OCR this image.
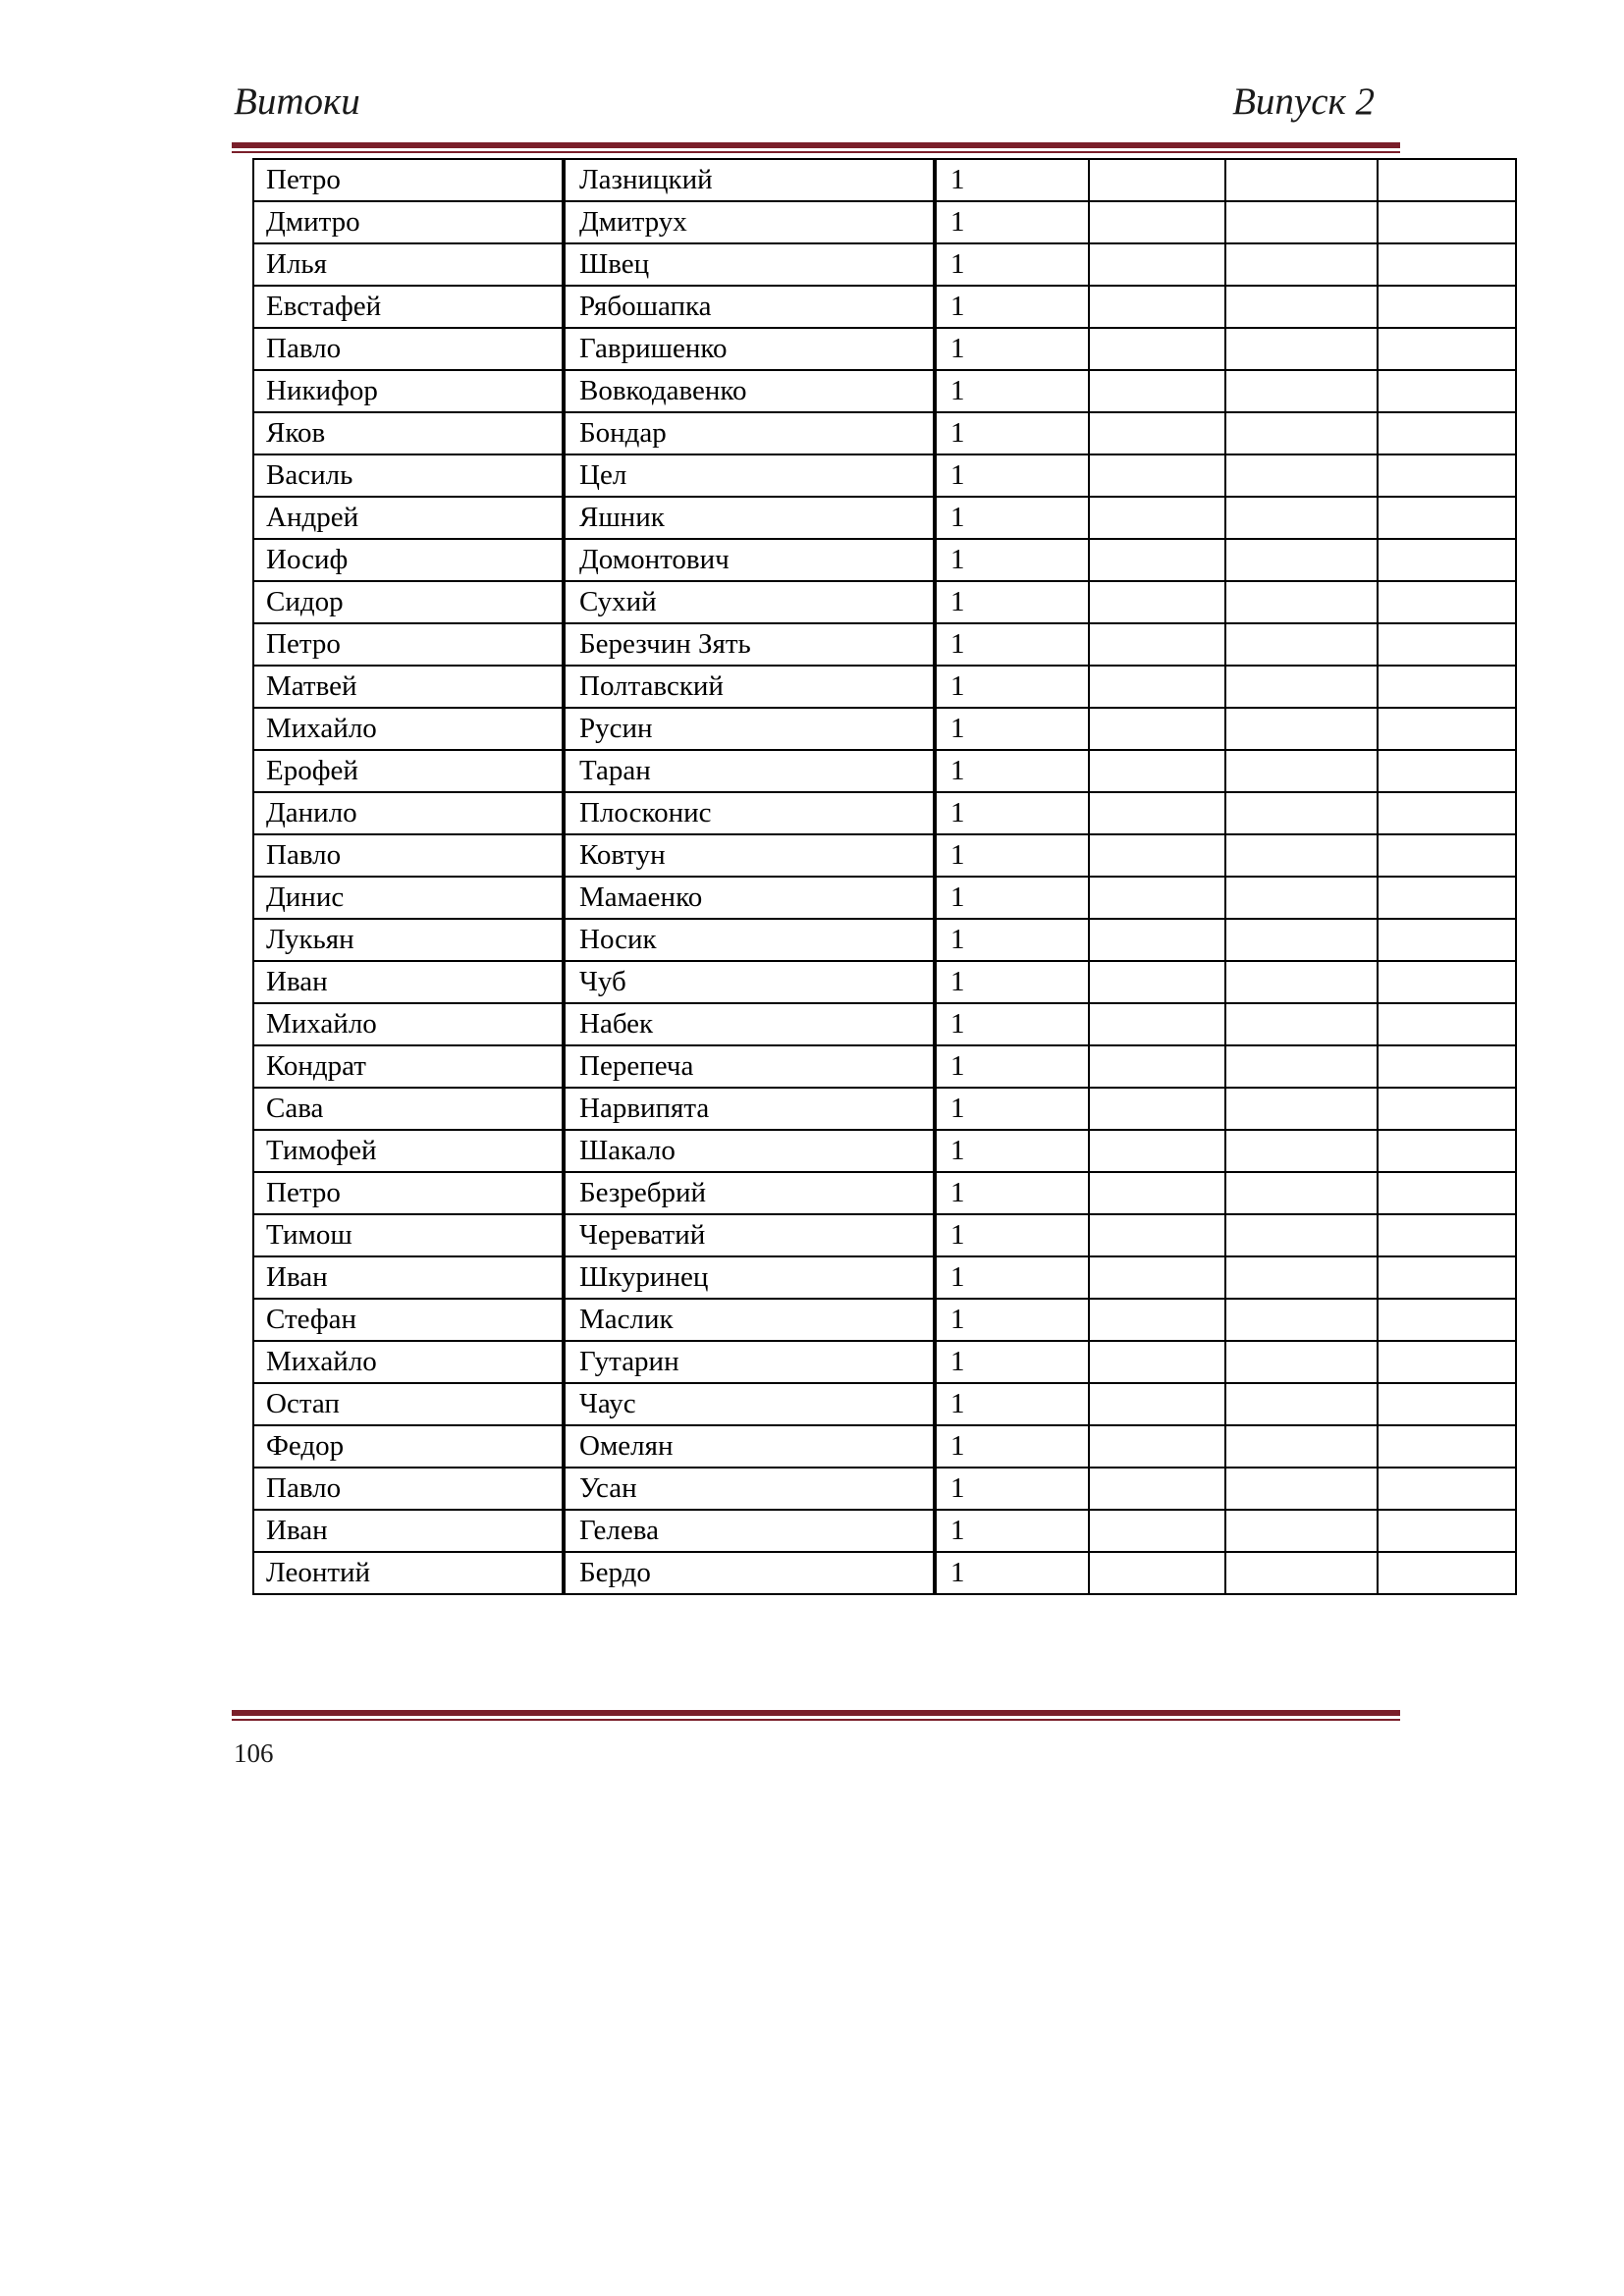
Витоки	Випуск 2
Петро	Лазницкий	1			
Дмитро	Дмитрух	1			
Илья	Швец	1			
Евстафей	Рябошапка	1			
Павло	Гавришенко	1			
Никифор	Вовкодавенко	1			
Яков	Бондар	1			
Василь	Цел	1			
Андрей	Яшник	1			
Иосиф	Домонтович	1			
Сидор	Сухий	1			
Петро	Березчин Зять	1			
Матвей	Полтавский	1			
Михайло	Русин	1			
Ерофей	Таран	1			
Данило	Плосконис	1			
Павло	Ковтун	1			
Динис	Мамаенко	1			
Лукьян	Носик	1			
Иван	Чуб	1			
Михайло	Набек	1			
Кондрат	Перепеча	1			
Сава	Нарвипята	1			
Тимофей	Шакало	1			
Петро	Безребрий	1			
Тимош	Череватий	1			
Иван	Шкуринец	1			
Стефан	Маслик	1			
Михайло	Гутарин	1			
Остап	Чаус	1			
Федор	Омелян	1			
Павло	Усан	1			
Иван	Гелева	1			
Леонтий	Бердо	1			
106
